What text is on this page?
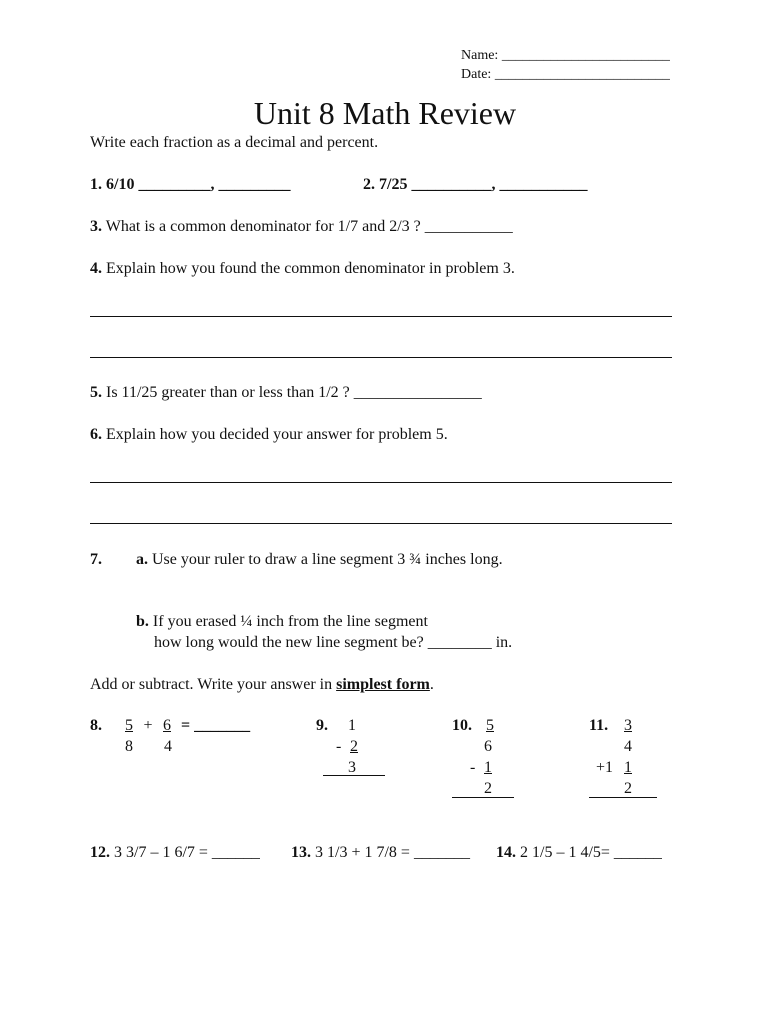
Name: ________________________
Date: _________________________
Unit 8 Math Review
Write each fraction as a decimal and percent.
1. 6/10 _________, _________	2. 7/25 __________, ___________
3. What is a common denominator for 1/7 and 2/3 ? ___________
4. Explain how you found the common denominator in problem 3.
5. Is 11/25 greater than or less than 1/2 ? ________________
6. Explain how you decided your answer for problem 5.
7. a. Use your ruler to draw a line segment 3 ¾ inches long.
b. If you erased ¼ inch from the line segment
how long would the new line segment be? ________ in.
Add or subtract. Write your answer in simplest form.
8.	5 + 6 = _______
8	4
9. 1
- 2
3
10. 5
6
- 1
2
11. 3
4
+1 1
2
12. 3 3/7 – 1 6/7 = ______ 13. 3 1/3 + 1 7/8 = _______ 14. 2 1/5 – 1 4/5= ______
